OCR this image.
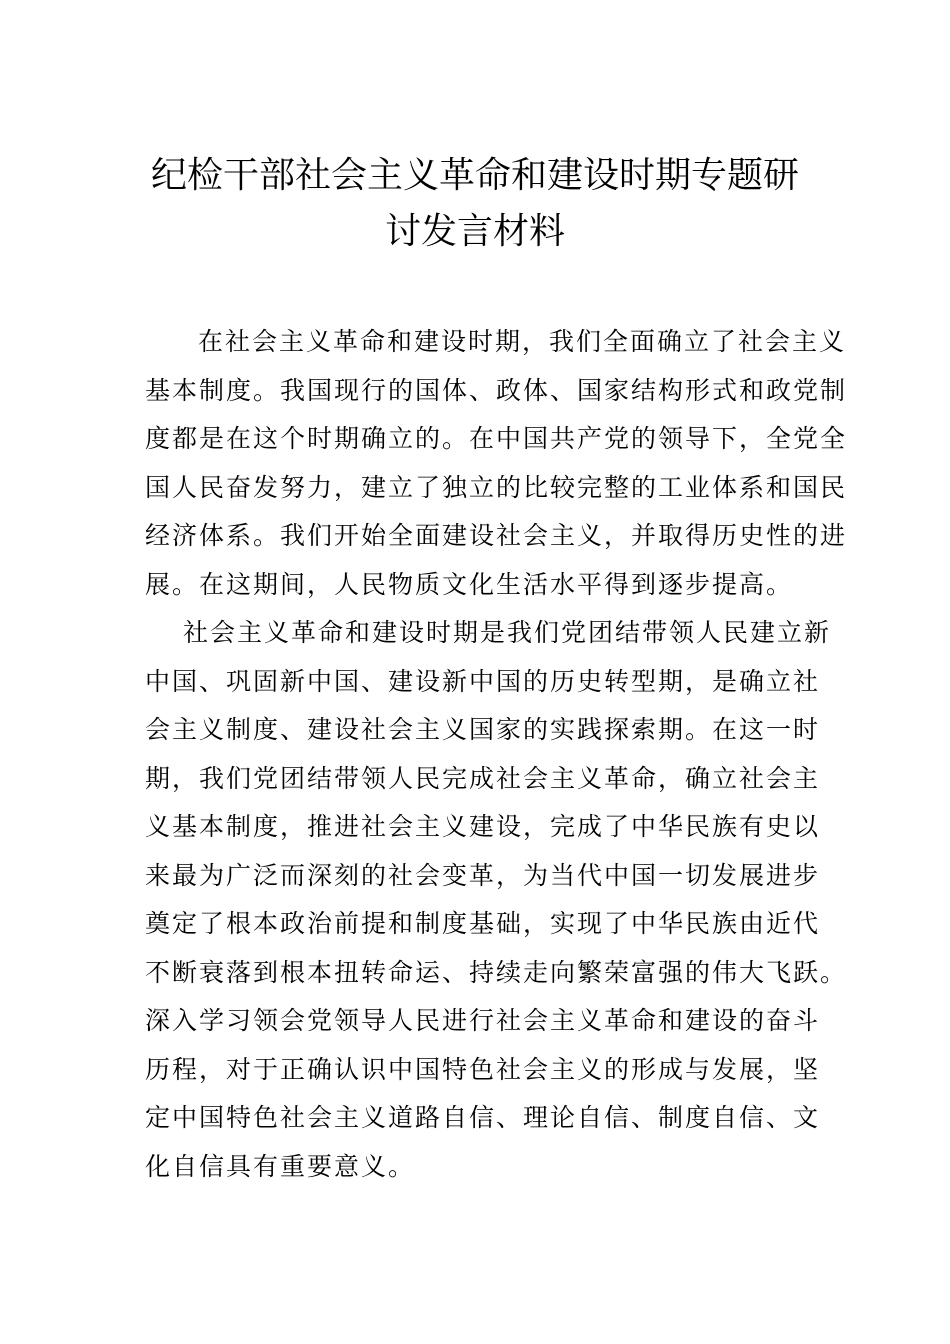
纪检干部社会主义革命和建设时期专题研
讨发言材料
在社会主义革命和建设时期，我们全面确立了社会主义
基本制度。我国现行的国体、政体、国家结构形式和政党制
度都是在这个时期确立的。在中国共产党的领导下，全党全
国人民奋发努力，建立了独立的比较完整的工业体系和国民
经济体系。我们开始全面建设社会主义，并取得历史性的进
展。在这期间，人民物质文化生活水平得到逐步提高。
社会主义革命和建设时期是我们党团结带领人民建立新
中国、巩固新中国、建设新中国的历史转型期，是确立社
会主义制度、建设社会主义国家的实践探索期。在这一时
期，我们党团结带领人民完成社会主义革命，确立社会主
义基本制度，推进社会主义建设，完成了中华民族有史以
来最为广泛而深刻的社会变革，为当代中国一切发展进步
奠定了根本政治前提和制度基础，实现了中华民族由近代
不断衰落到根本扭转命运、持续走向繁荣富强的伟大飞跃。
深入学习领会党领导人民进行社会主义革命和建设的奋斗
历程，对于正确认识中国特色社会主义的形成与发展，坚
定中国特色社会主义道路自信、理论自信、制度自信、文
化自信具有重要意义。
